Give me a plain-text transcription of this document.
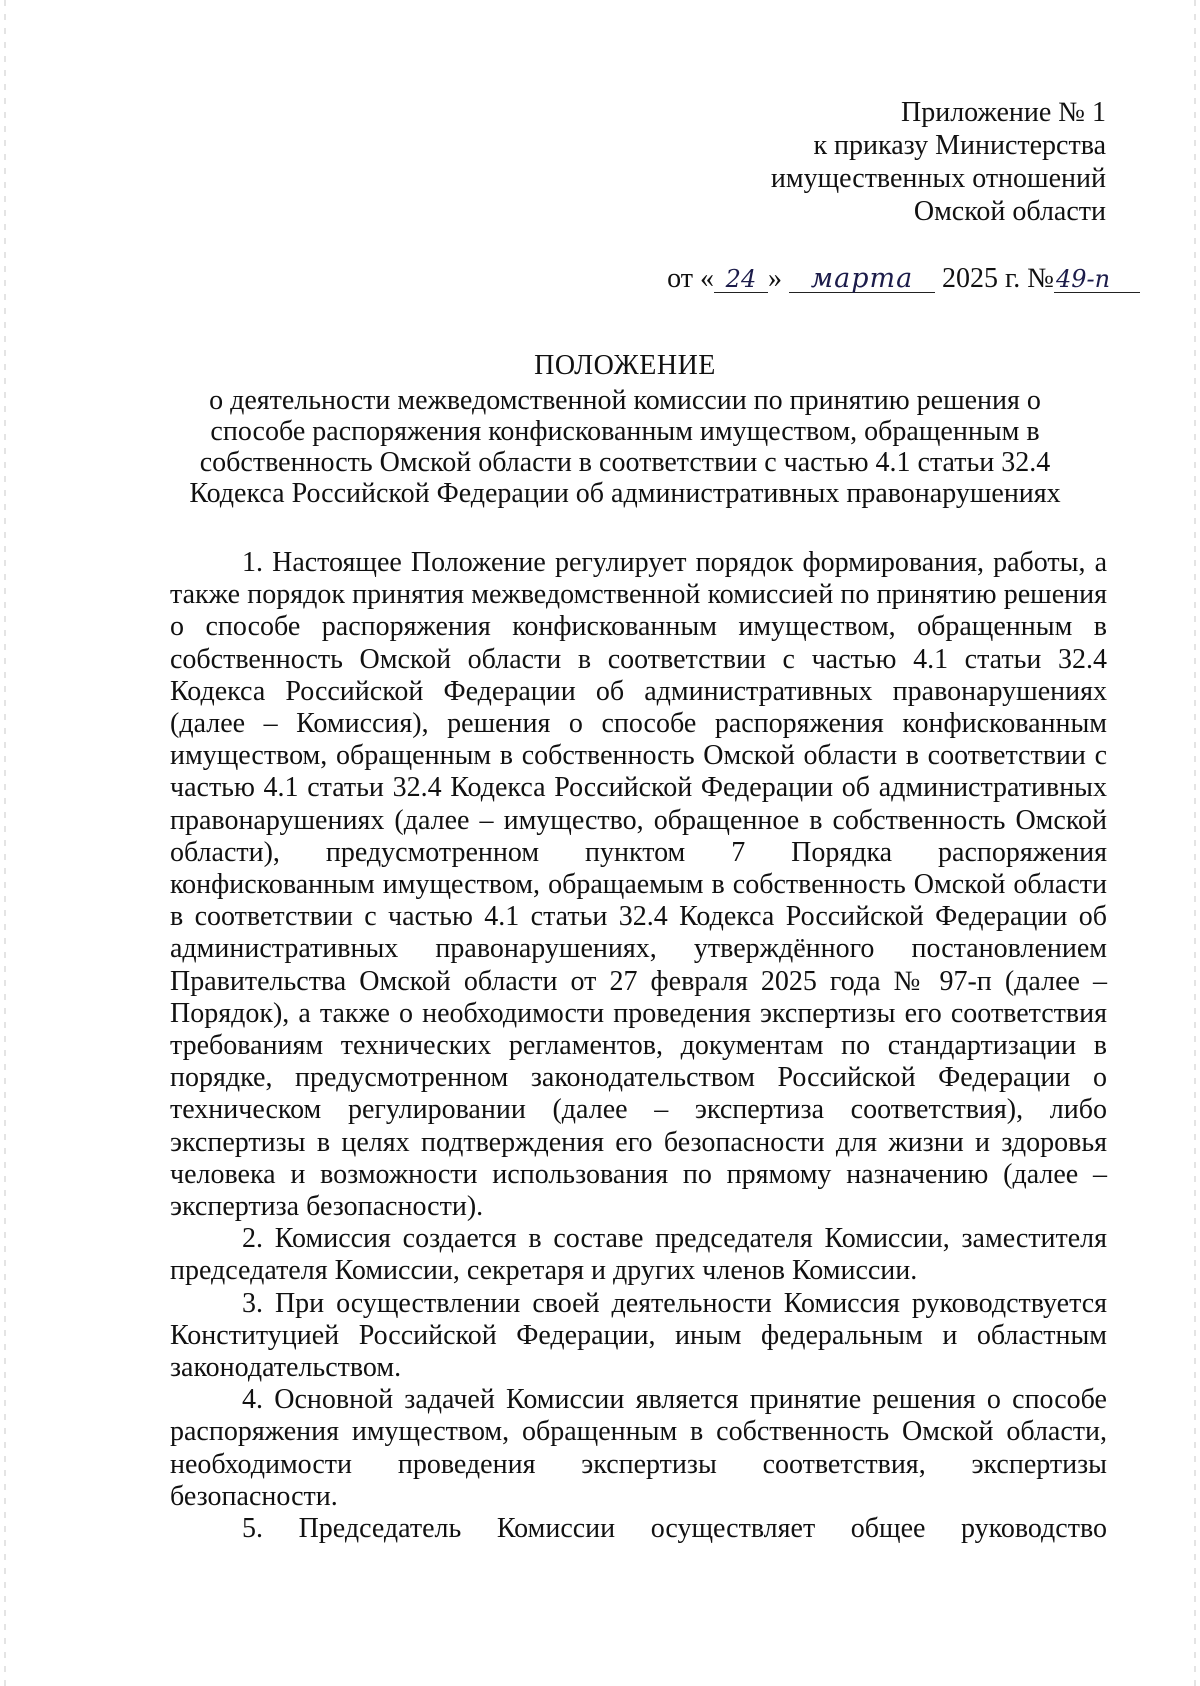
Приложение № 1
к приказу Министерства
имущественных отношений
Омской области
от « 24 » марта 2025 г. №49-п
ПОЛОЖЕНИЕ
о деятельности межведомственной комиссии по принятию решения о
способе распоряжения конфискованным имуществом, обращенным в
собственность Омской области в соответствии с частью 4.1 статьи 32.4
Кодекса Российской Федерации об административных правонарушениях

1. Настоящее Положение регулирует порядок формирования, работы, а также порядок принятия межведомственной комиссией по принятию решения о способе распоряжения конфискованным имуществом, обращенным в собственность Омской области в соответствии с частью 4.1 статьи 32.4 Кодекса Российской Федерации об административных правонарушениях (далее – Комиссия), решения о способе распоряжения конфискованным имуществом, обращенным в собственность Омской области в соответствии с частью 4.1 статьи 32.4 Кодекса Российской Федерации об административных правонарушениях (далее – имущество, обращенное в собственность Омской области), предусмотренном пунктом 7 Порядка распоряжения конфискованным имуществом, обращаемым в собственность Омской области в соответствии с частью 4.1 статьи 32.4 Кодекса Российской Федерации об административных правонарушениях, утверждённого постановлением Правительства Омской области от 27 февраля 2025 года № 97-п (далее – Порядок), а также о необходимости проведения экспертизы его соответствия требованиям технических регламентов, документам по стандартизации в порядке, предусмотренном законодательством Российской Федерации о техническом регулировании (далее – экспертиза соответствия), либо экспертизы в целях подтверждения его безопасности для жизни и здоровья человека и возможности использования по прямому назначению (далее – экспертиза безопасности).

2. Комиссия создается в составе председателя Комиссии, заместителя председателя Комиссии, секретаря и других членов Комиссии.

3. При осуществлении своей деятельности Комиссия руководствуется Конституцией Российской Федерации, иным федеральным и областным законодательством.

4. Основной задачей Комиссии является принятие решения о способе распоряжения имуществом, обращенным в собственность Омской области, необходимости проведения экспертизы соответствия, экспертизы безопасности.

5. Председатель Комиссии осуществляет общее руководство
